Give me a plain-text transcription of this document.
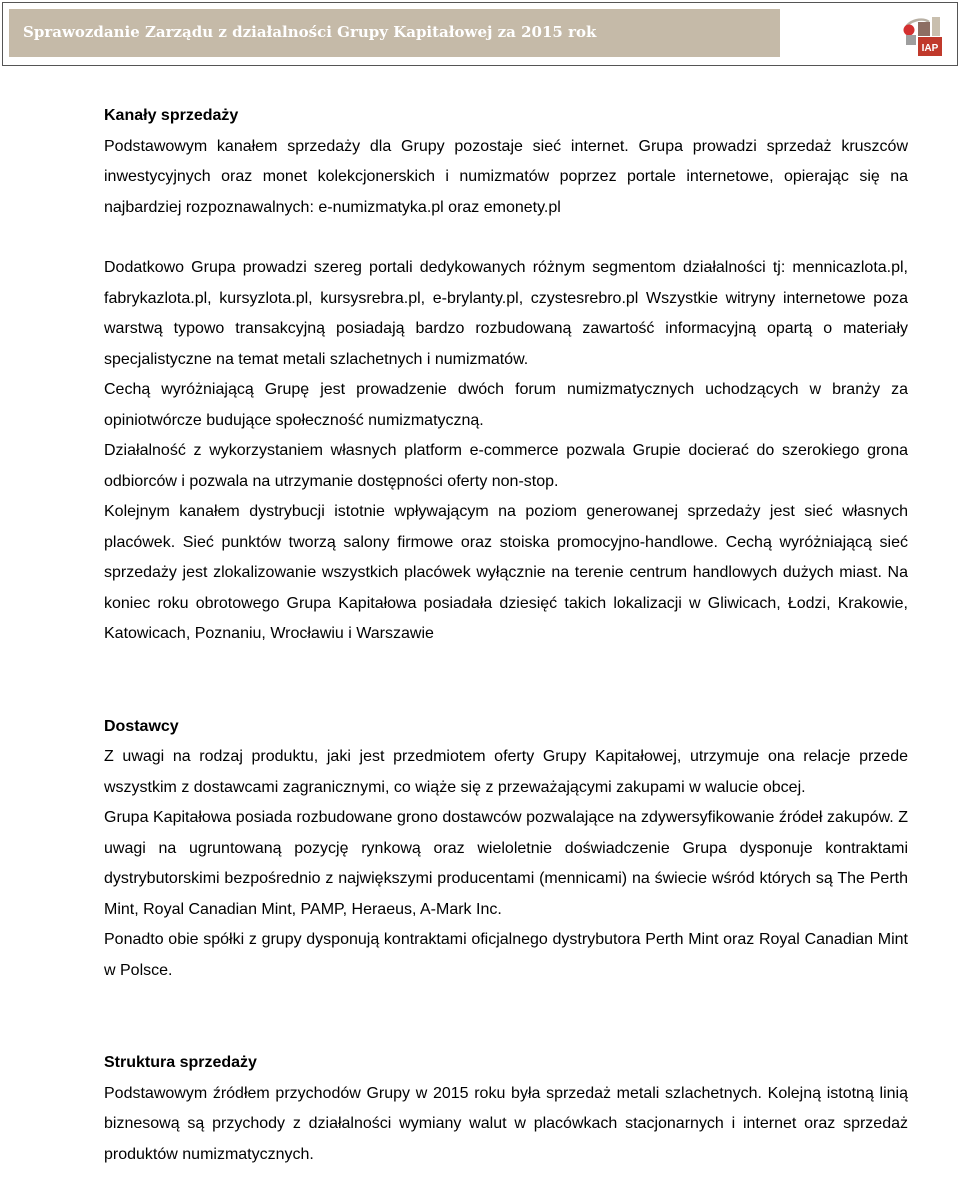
Sprawozdanie Zarządu z działalności Grupy Kapitałowej za 2015 rok
IAP
Kanały sprzedaży

Podstawowym kanałem sprzedaży dla Grupy pozostaje sieć internet. Grupa prowadzi sprzedaż kruszców inwestycyjnych oraz monet kolekcjonerskich i numizmatów poprzez portale internetowe, opierając się na najbardziej rozpoznawalnych: e-numizmatyka.pl oraz emonety.pl

Dodatkowo Grupa prowadzi szereg portali dedykowanych różnym segmentom działalności tj: mennicazlota.pl, fabrykazlota.pl, kursyzlota.pl, kursysrebra.pl, e-brylanty.pl, czystesrebro.pl Wszystkie witryny internetowe poza warstwą typowo transakcyjną posiadają bardzo rozbudowaną zawartość informacyjną opartą o materiały specjalistyczne na temat metali szlachetnych i numizmatów.

Cechą wyróżniającą Grupę jest prowadzenie dwóch forum numizmatycznych uchodzących w branży za opiniotwórcze budujące społeczność numizmatyczną.

Działalność z wykorzystaniem własnych platform e-commerce pozwala Grupie docierać do szerokiego grona odbiorców i pozwala na utrzymanie dostępności oferty non-stop.

Kolejnym kanałem dystrybucji istotnie wpływającym na poziom generowanej sprzedaży jest sieć własnych placówek. Sieć punktów tworzą salony firmowe oraz stoiska promocyjno-handlowe. Cechą wyróżniającą sieć sprzedaży jest zlokalizowanie wszystkich placówek wyłącznie na terenie centrum handlowych dużych miast. Na koniec roku obrotowego Grupa Kapitałowa posiadała dziesięć takich lokalizacji w Gliwicach, Łodzi, Krakowie, Katowicach, Poznaniu, Wrocławiu i Warszawie

Dostawcy

Z uwagi na rodzaj produktu, jaki jest przedmiotem oferty Grupy Kapitałowej, utrzymuje ona relacje przede wszystkim z dostawcami zagranicznymi, co wiąże się z przeważającymi zakupami w walucie obcej.

Grupa Kapitałowa posiada rozbudowane grono dostawców pozwalające na zdywersyfikowanie źródeł zakupów. Z uwagi na ugruntowaną pozycję rynkową oraz wieloletnie doświadczenie Grupa dysponuje kontraktami dystrybutorskimi bezpośrednio z największymi producentami (mennicami) na świecie wśród których są The Perth Mint, Royal Canadian Mint, PAMP, Heraeus, A-Mark Inc.

Ponadto obie spółki z grupy dysponują kontraktami oficjalnego dystrybutora Perth Mint oraz Royal Canadian Mint w Polsce.

Struktura sprzedaży

Podstawowym źródłem przychodów Grupy w 2015 roku była sprzedaż metali szlachetnych. Kolejną istotną linią biznesową są przychody z działalności wymiany walut w placówkach stacjonarnych i internet oraz sprzedaż produktów numizmatycznych.
